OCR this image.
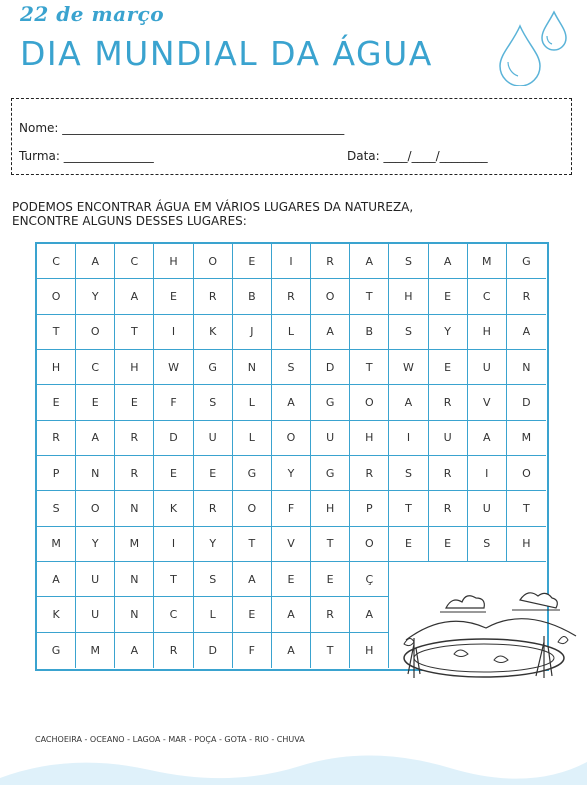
22 de março
DIA MUNDIAL DA ÁGUA
Nome: _______________________________________________
Turma: _______________	Data: ____/____/________
PODEMOS ENCONTRAR ÁGUA EM VÁRIOS LUGARES DA NATUREZA,
ENCONTRE ALGUNS DESSES LUGARES:
C	A	C	H	O	E	I	R	A	S	A	M	G
O	Y	A	E	R	B	R	O	T	H	E	C	R
T	O	T	I	K	J	L	A	B	S	Y	H	A
H	C	H	W	G	N	S	D	T	W	E	U	N
E	E	E	F	S	L	A	G	O	A	R	V	D
R	A	R	D	U	L	O	U	H	I	U	A	M
P	N	R	E	E	G	Y	G	R	S	R	I	O
S	O	N	K	R	O	F	H	P	T	R	U	T
M	Y	M	I	Y	T	V	T	O	E	E	S	H
A	U	N	T	S	A	E	E	Ç
K	U	N	C	L	E	A	R	A
G	M	A	R	D	F	A	T	H
CACHOEIRA - OCEANO - LAGOA - MAR - POÇA - GOTA - RIO - CHUVA
